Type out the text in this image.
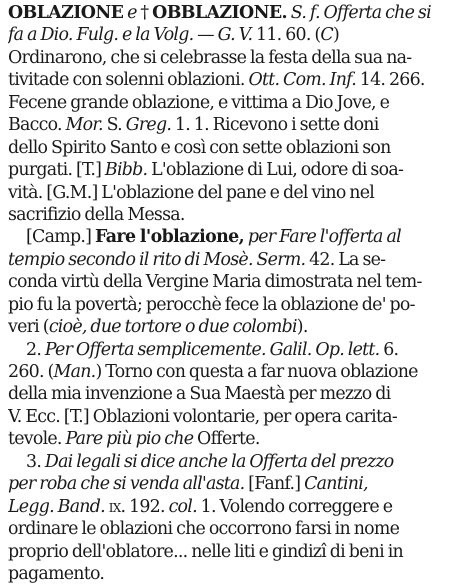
OBLAZIONE e † OBBLAZIONE. S. f. Offerta che si
fa a Dio. Fulg. e la Volg. — G. V. 11. 60. (C)
Ordinarono, che si celebrasse la festa della sua na-
tivitade con solenni oblazioni. Ott. Com. Inf. 14. 266.
Fecene grande oblazione, e vittima a Dio Jove, e
Bacco. Mor. S. Greg. 1. 1. Ricevono i sette doni
dello Spirito Santo e così con sette oblazioni son
purgati. [T.] Bibb. L'oblazione di Lui, odore di soa-
vità. [G.M.] L'oblazione del pane e del vino nel
sacrifizio della Messa.
[Camp.] Fare l'oblazione, per Fare l'offerta al
tempio secondo il rito di Mosè. Serm. 42. La se-
conda virtù della Vergine Maria dimostrata nel tem-
pio fu la povertà; perocchè fece la oblazione de' po-
veri (cioè, due tortore o due colombi).
2. Per Offerta semplicemente. Galil. Op. lett. 6.
260. (Man.) Torno con questa a far nuova oblazione
della mia invenzione a Sua Maestà per mezzo di
V. Ecc. [T.] Oblazioni volontarie, per opera carita-
tevole. Pare più pio che Offerte.
3. Dai legali si dice anche la Offerta del prezzo
per roba che si venda all'asta. [Fanf.] Cantini,
Legg. Band. ix. 192. col. 1. Volendo correggere e
ordinare le oblazioni che occorrono farsi in nome
proprio dell'oblatore... nelle liti e gindizî di beni in
pagamento.
